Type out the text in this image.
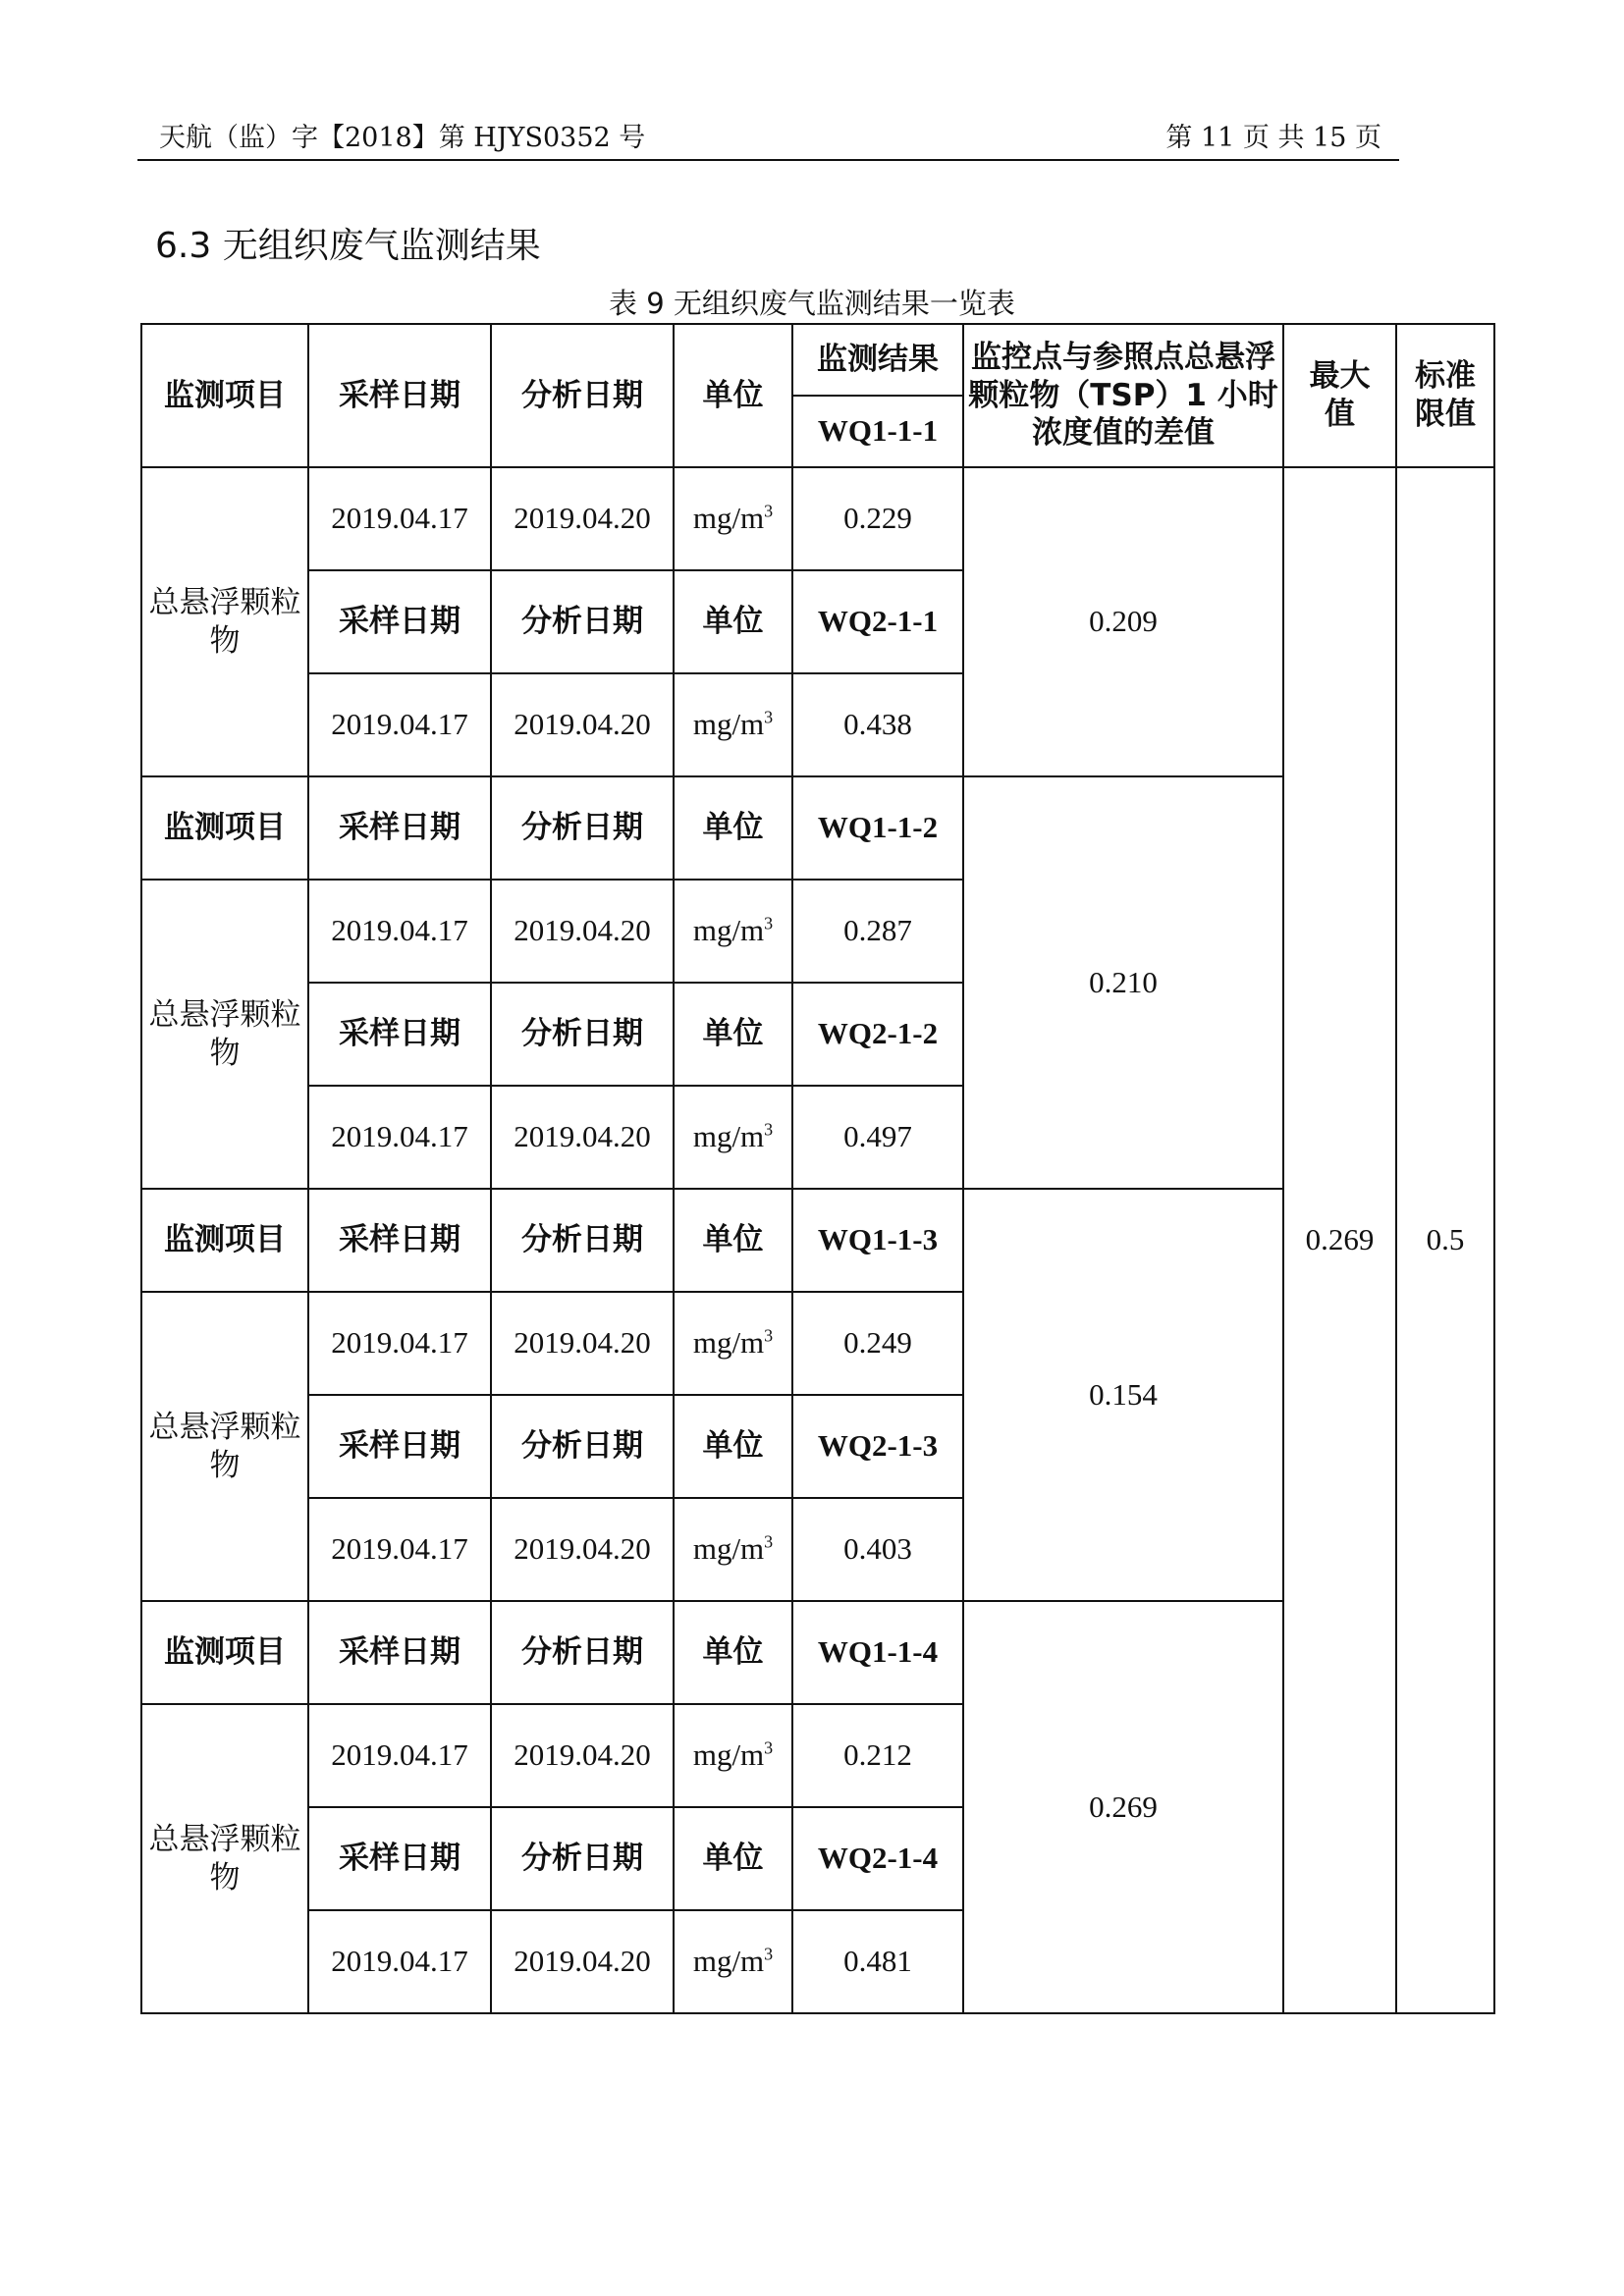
天航（监）字【2018】第 HJYS0352 号	第 11 页 共 15 页
6.3 无组织废气监测结果
表 9 无组织废气监测结果一览表
监测项目	采样日期	分析日期	单位	监测结果	监控点与参照点总悬浮颗粒物（TSP）1 小时浓度值的差值	最大值	标准限值
				WQ1-1-1			
总悬浮颗粒物	2019.04.17	2019.04.20	$mg/m^3$	0.229	0.209	0.269	0.5
	采样日期	分析日期	单位	WQ2-1-1			
	2019.04.17	2019.04.20	$mg/m^3$	0.438			
监测项目	采样日期	分析日期	单位	WQ1-1-2	0.210		
总悬浮颗粒物	2019.04.17	2019.04.20	$mg/m^3$	0.287			
	采样日期	分析日期	单位	WQ2-1-2			
	2019.04.17	2019.04.20	$mg/m^3$	0.497			
监测项目	采样日期	分析日期	单位	WQ1-1-3	0.154		
总悬浮颗粒物	2019.04.17	2019.04.20	$mg/m^3$	0.249			
	采样日期	分析日期	单位	WQ2-1-3			
	2019.04.17	2019.04.20	$mg/m^3$	0.403			
监测项目	采样日期	分析日期	单位	WQ1-1-4	0.269		
总悬浮颗粒物	2019.04.17	2019.04.20	$mg/m^3$	0.212			
	采样日期	分析日期	单位	WQ2-1-4			
	2019.04.17	2019.04.20	$mg/m^3$	0.481			
